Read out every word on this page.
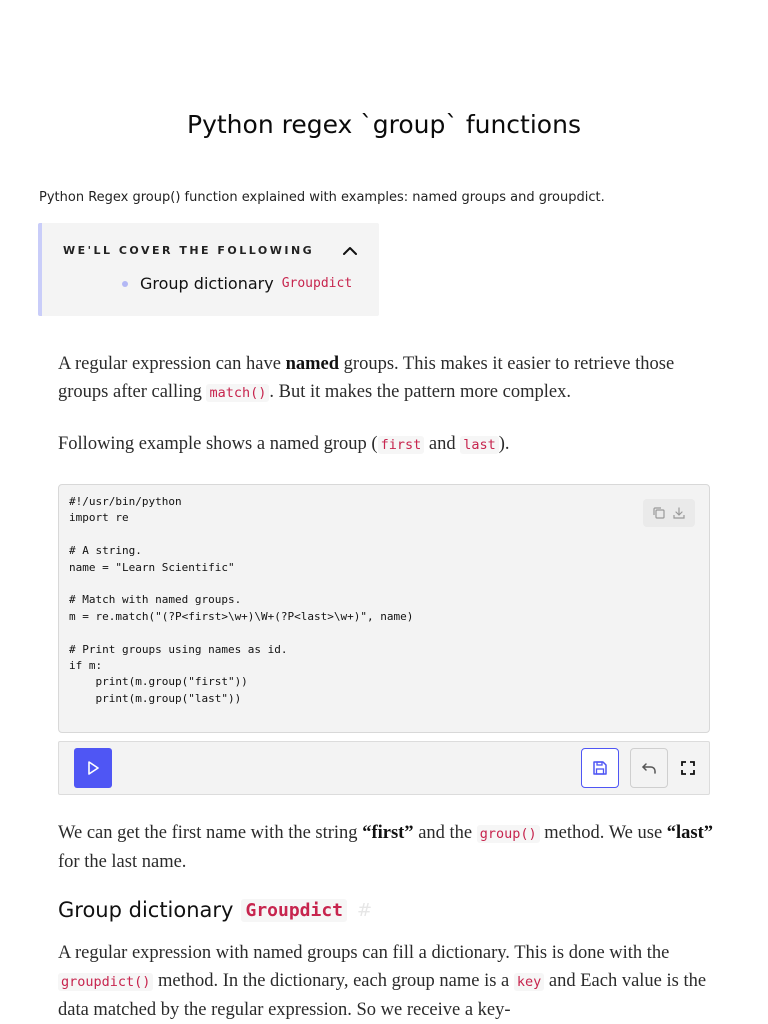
Python regex `group` functions
Python Regex group() function explained with examples: named groups and groupdict.
WE'LL COVER THE FOLLOWING
Group dictionary Groupdict

A regular expression can have named groups. This makes it easier to retrieve those groups after calling match() . But it makes the pattern more complex.

Following example shows a named group ( first and last ).

#!/usr/bin/python
import re

# A string.
name = "Learn Scientific"

# Match with named groups.
m = re.match("(?P<first>\w+)\W+(?P<last>\w+)", name)

# Print groups using names as id.
if m:
print(m.group("first"))
print(m.group("last"))

We can get the first name with the string “first” and the group() method. We use “last” for the last name.

Group dictionary Groupdict #

A regular expression with named groups can fill a dictionary. This is done with the groupdict() method. In the dictionary, each group name is a key and Each value is the data matched by the regular expression. So we receive a key-
